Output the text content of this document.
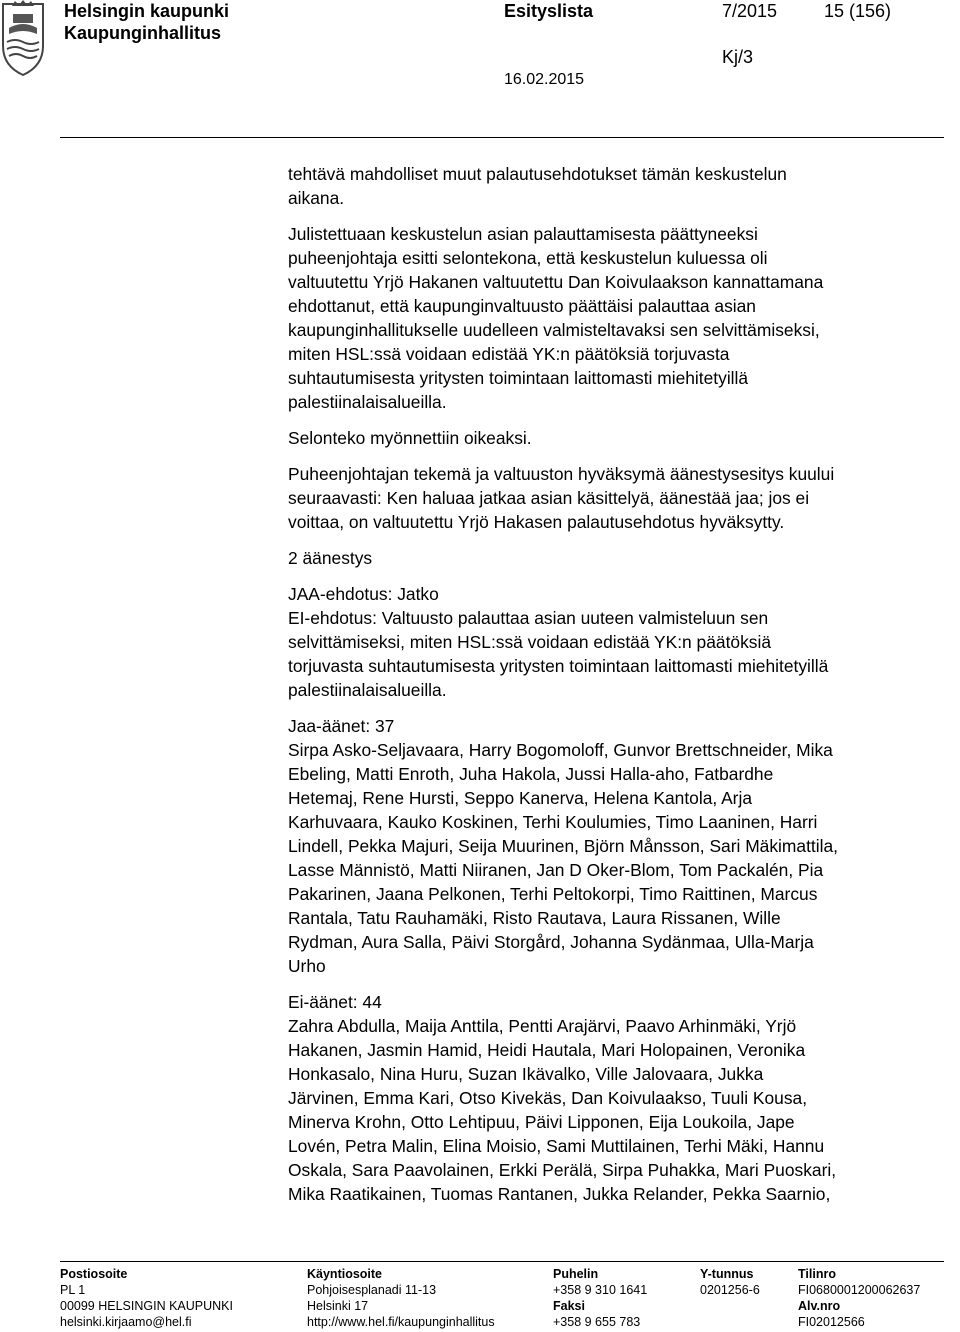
Helsingin kaupunki
Kaupunginhallitus
Esityslista	7/2015	15 (156)
Kj/3
16.02.2015

tehtävä mahdolliset muut palautusehdotukset tämän keskustelun

aikana.

Julistettuaan keskustelun asian palauttamisesta päättyneeksi

puheenjohtaja esitti selontekona, että keskustelun kuluessa oli

valtuutettu Yrjö Hakanen valtuutettu Dan Koivulaakson kannattamana

ehdottanut, että kaupunginvaltuusto päättäisi palauttaa asian

kaupunginhallitukselle uudelleen valmisteltavaksi sen selvittämiseksi,

miten HSL:ssä voidaan edistää YK:n päätöksiä torjuvasta

suhtautumisesta yritysten toimintaan laittomasti miehitetyillä

palestiinalaisalueilla.

Selonteko myönnettiin oikeaksi.

Puheenjohtajan tekemä ja valtuuston hyväksymä äänestysesitys kuului

seuraavasti: Ken haluaa jatkaa asian käsittelyä, äänestää jaa; jos ei

voittaa, on valtuutettu Yrjö Hakasen palautusehdotus hyväksytty.

2 äänestys

JAA-ehdotus: Jatko

EI-ehdotus: Valtuusto palauttaa asian uuteen valmisteluun sen

selvittämiseksi, miten HSL:ssä voidaan edistää YK:n päätöksiä

torjuvasta suhtautumisesta yritysten toimintaan laittomasti miehitetyillä

palestiinalaisalueilla.

Jaa-äänet: 37

Sirpa Asko-Seljavaara, Harry Bogomoloff, Gunvor Brettschneider, Mika

Ebeling, Matti Enroth, Juha Hakola, Jussi Halla-aho, Fatbardhe

Hetemaj, Rene Hursti, Seppo Kanerva, Helena Kantola, Arja

Karhuvaara, Kauko Koskinen, Terhi Koulumies, Timo Laaninen, Harri

Lindell, Pekka Majuri, Seija Muurinen, Björn Månsson, Sari Mäkimattila,

Lasse Männistö, Matti Niiranen, Jan D Oker-Blom, Tom Packalén, Pia

Pakarinen, Jaana Pelkonen, Terhi Peltokorpi, Timo Raittinen, Marcus

Rantala, Tatu Rauhamäki, Risto Rautava, Laura Rissanen, Wille

Rydman, Aura Salla, Päivi Storgård, Johanna Sydänmaa, Ulla-Marja

Urho

Ei-äänet: 44

Zahra Abdulla, Maija Anttila, Pentti Arajärvi, Paavo Arhinmäki, Yrjö

Hakanen, Jasmin Hamid, Heidi Hautala, Mari Holopainen, Veronika

Honkasalo, Nina Huru, Suzan Ikävalko, Ville Jalovaara, Jukka

Järvinen, Emma Kari, Otso Kivekäs, Dan Koivulaakso, Tuuli Kousa,

Minerva Krohn, Otto Lehtipuu, Päivi Lipponen, Eija Loukoila, Jape

Lovén, Petra Malin, Elina Moisio, Sami Muttilainen, Terhi Mäki, Hannu

Oskala, Sara Paavolainen, Erkki Perälä, Sirpa Puhakka, Mari Puoskari,

Mika Raatikainen, Tuomas Rantanen, Jukka Relander, Pekka Saarnio,

Postiosoite
PL 1
00099 HELSINGIN KAUPUNKI
helsinki.kirjaamo@hel.fi
Käyntiosoite
Pohjoisesplanadi 11-13
Helsinki 17
http://www.hel.fi/kaupunginhallitus
Puhelin
+358 9 310 1641
Faksi
+358 9 655 783
Y-tunnus
0201256-6
Tilinro
FI0680001200062637
Alv.nro
FI02012566
